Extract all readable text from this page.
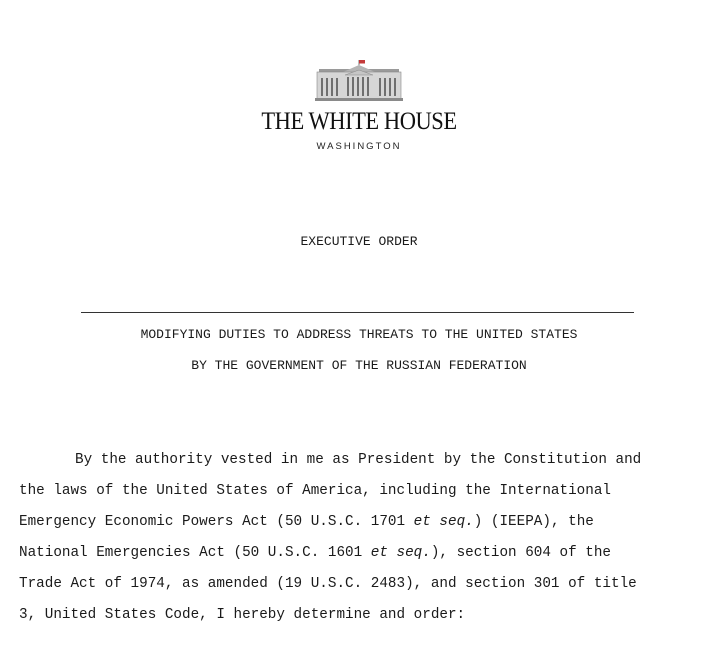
THE WHITE HOUSE
WASHINGTON
EXECUTIVE ORDER
MODIFYING DUTIES TO ADDRESS THREATS TO THE UNITED STATES
BY THE GOVERNMENT OF THE RUSSIAN FEDERATION
By the authority vested in me as President by the Constitution and
the laws of the United States of America, including the International
Emergency Economic Powers Act (50 U.S.C. 1701 et seq.) (IEEPA), the
National Emergencies Act (50 U.S.C. 1601 et seq.), section 604 of the
Trade Act of 1974, as amended (19 U.S.C. 2483), and section 301 of title
3, United States Code, I hereby determine and order:
